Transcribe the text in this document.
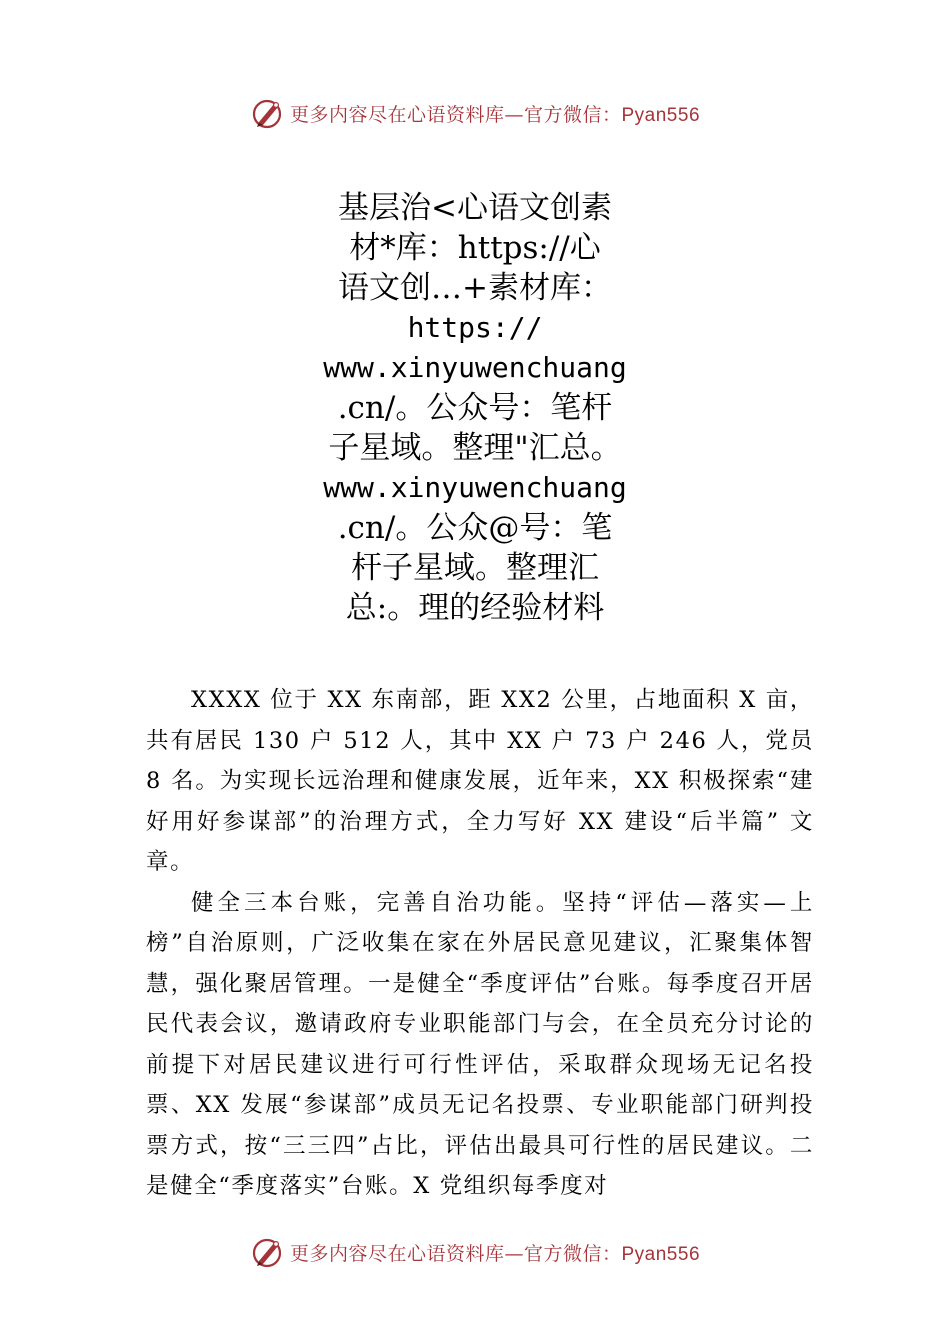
更多内容尽在心语资料库—官方微信：Pyan556
基层治<心语文创素
材*库：https://心
语文创…+素材库：
https://
www.xinyuwenchuang
.cn/。公众号：笔杆
子星域。整理"汇总。
www.xinyuwenchuang
.cn/。公众@号：笔
杆子星域。整理汇
总:。理的经验材料

XXXX 位于 XX 东南部，距 XX2 公里，占地面积 X 亩，共有居民 130 户 512 人，其中 XX 户 73 户 246 人，党员 8 名。为实现长远治理和健康发展，近年来，XX 积极探索“建好用好参谋部”的治理方式，全力写好 XX 建设“后半篇” 文章。

健全三本台账，完善自治功能。坚持“评估—落实—上榜”自治原则，广泛收集在家在外居民意见建议，汇聚集体智慧，强化聚居管理。一是健全“季度评估”台账。每季度召开居民代表会议，邀请政府专业职能部门与会，在全员充分讨论的前提下对居民建议进行可行性评估，采取群众现场无记名投票、XX 发展“参谋部”成员无记名投票、专业职能部门研判投票方式，按“三三四”占比，评估出最具可行性的居民建议。二是健全“季度落实”台账。X 党组织每季度对

更多内容尽在心语资料库—官方微信：Pyan556
